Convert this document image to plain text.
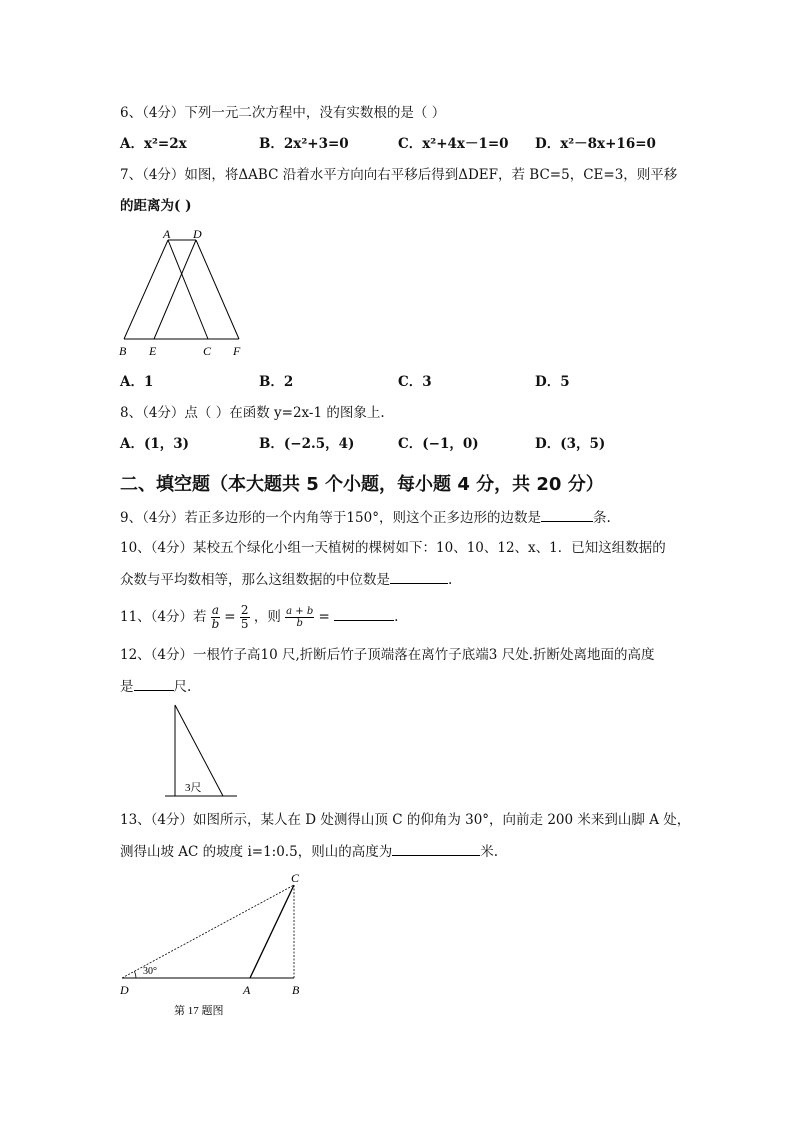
6、（4分）下列一元二次方程中，没有实数根的是（ ）
A．x²=2x	B．2x²+3=0	C．x²+4x－1=0 D．x²－8x+16=0
7、（4分）如图，将ΔABC 沿着水平方向向右平移后得到ΔDEF，若 BC=5，CE=3，则平移
的距离为( )
A D
B E	C F
A．1	B．2	C．3	D．5
8、（4分）点（ ）在函数 y=2x-1 的图象上.
A．(1，3)	B．(−2.5，4)	C．(−1，0)	D．(3，5)
二、填空题（本大题共 5 个小题，每小题 4 分，共 20 分）
9、（4分）若正多边形的一个内角等于150°，则这个正多边形的边数是	条.
10、（4分）某校五个绿化小组一天植树的棵树如下：10、10、12、x、1．已知这组数据的
众数与平均数相等，那么这组数据的中位数是	.
11、（4分）若 $\frac{a}{b} = \frac{2}{5}$ ，则 $\frac{a + b}{b}$ =	.
12、（4分）一根竹子高10 尺,折断后竹子顶端落在离竹子底端3 尺处.折断处离地面的高度
是	尺.
3尺
13、（4分）如图所示，某人在 D 处测得山顶 C 的仰角为 30°，向前走 200 米来到山脚 A 处，
测得山坡 AC 的坡度 i=1:0.5，则山的高度为	米.
30°
C
D	A	B
第 17 题图
